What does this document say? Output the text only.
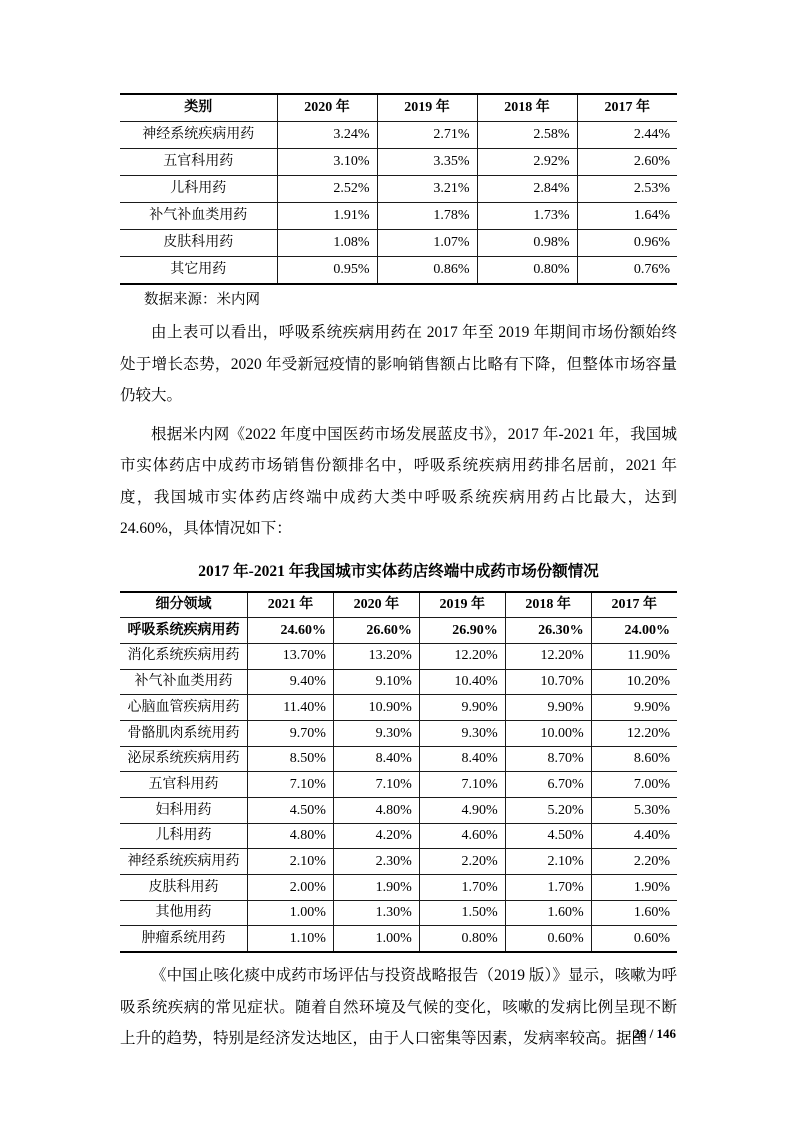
类别	2020 年	2019 年	2018 年	2017 年
神经系统疾病用药	3.24%	2.71%	2.58%	2.44%
五官科用药	3.10%	3.35%	2.92%	2.60%
儿科用药	2.52%	3.21%	2.84%	2.53%
补气补血类用药	1.91%	1.78%	1.73%	1.64%
皮肤科用药	1.08%	1.07%	0.98%	0.96%
其它用药	0.95%	0.86%	0.80%	0.76%
数据来源：米内网

由上表可以看出，呼吸系统疾病用药在 2017 年至 2019 年期间市场份额始终处于增长态势，2020 年受新冠疫情的影响销售额占比略有下降，但整体市场容量仍较大。

根据米内网《2022 年度中国医药市场发展蓝皮书》，2017 年-2021 年，我国城市实体药店中成药市场销售份额排名中，呼吸系统疾病用药排名居前，2021 年度，我国城市实体药店终端中成药大类中呼吸系统疾病用药占比最大，达到 24.60%，具体情况如下：

2017 年-2021 年我国城市实体药店终端中成药市场份额情况
细分领域	2021 年	2020 年	2019 年	2018 年	2017 年
呼吸系统疾病用药	24.60%	26.60%	26.90%	26.30%	24.00%
消化系统疾病用药	13.70%	13.20%	12.20%	12.20%	11.90%
补气补血类用药	9.40%	9.10%	10.40%	10.70%	10.20%
心脑血管疾病用药	11.40%	10.90%	9.90%	9.90%	9.90%
骨骼肌肉系统用药	9.70%	9.30%	9.30%	10.00%	12.20%
泌尿系统疾病用药	8.50%	8.40%	8.40%	8.70%	8.60%
五官科用药	7.10%	7.10%	7.10%	6.70%	7.00%
妇科用药	4.50%	4.80%	4.90%	5.20%	5.30%
儿科用药	4.80%	4.20%	4.60%	4.50%	4.40%
神经系统疾病用药	2.10%	2.30%	2.20%	2.10%	2.20%
皮肤科用药	2.00%	1.90%	1.70%	1.70%	1.90%
其他用药	1.00%	1.30%	1.50%	1.60%	1.60%
肿瘤系统用药	1.10%	1.00%	0.80%	0.60%	0.60%

《中国止咳化痰中成药市场评估与投资战略报告（2019 版）》显示，咳嗽为呼吸系统疾病的常见症状。随着自然环境及气候的变化，咳嗽的发病比例呈现不断上升的趋势，特别是经济发达地区，由于人口密集等因素，发病率较高。据国

26 / 146
